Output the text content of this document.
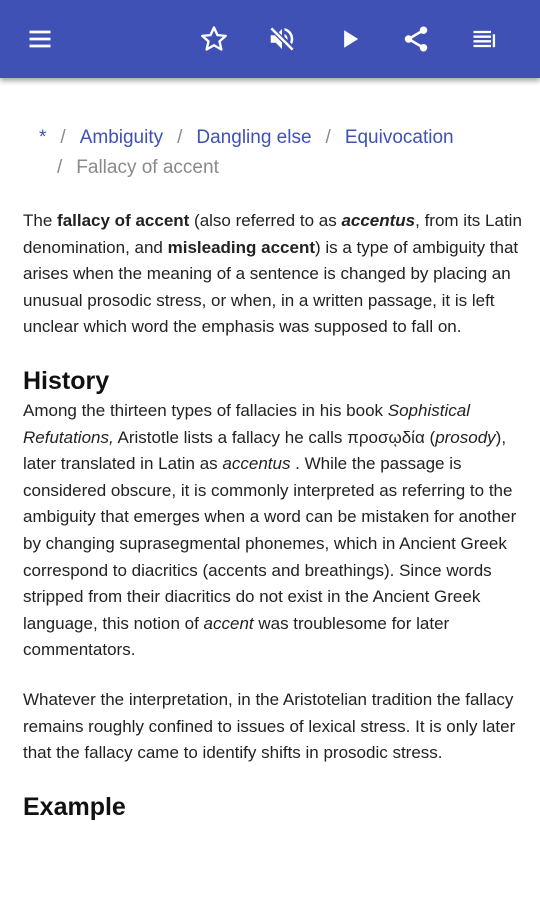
* / Ambiguity / Dangling else / Equivocation
/ Fallacy of accent

The fallacy of accent (also referred to as accentus, from its Latin denomination, and misleading accent) is a type of ambiguity that arises when the meaning of a sentence is changed by placing an unusual prosodic stress, or when, in a written passage, it is left unclear which word the emphasis was supposed to fall on.

History

Among the thirteen types of fallacies in his book Sophistical Refutations, Aristotle lists a fallacy he calls προσῳδία (prosody), later translated in Latin as accentus . While the passage is considered obscure, it is commonly interpreted as referring to the ambiguity that emerges when a word can be mistaken for another by changing suprasegmental phonemes, which in Ancient Greek correspond to diacritics (accents and breathings). Since words stripped from their diacritics do not exist in the Ancient Greek language, this notion of accent was troublesome for later commentators.

Whatever the interpretation, in the Aristotelian tradition the fallacy remains roughly confined to issues of lexical stress. It is only later that the fallacy came to identify shifts in prosodic stress.

Example
